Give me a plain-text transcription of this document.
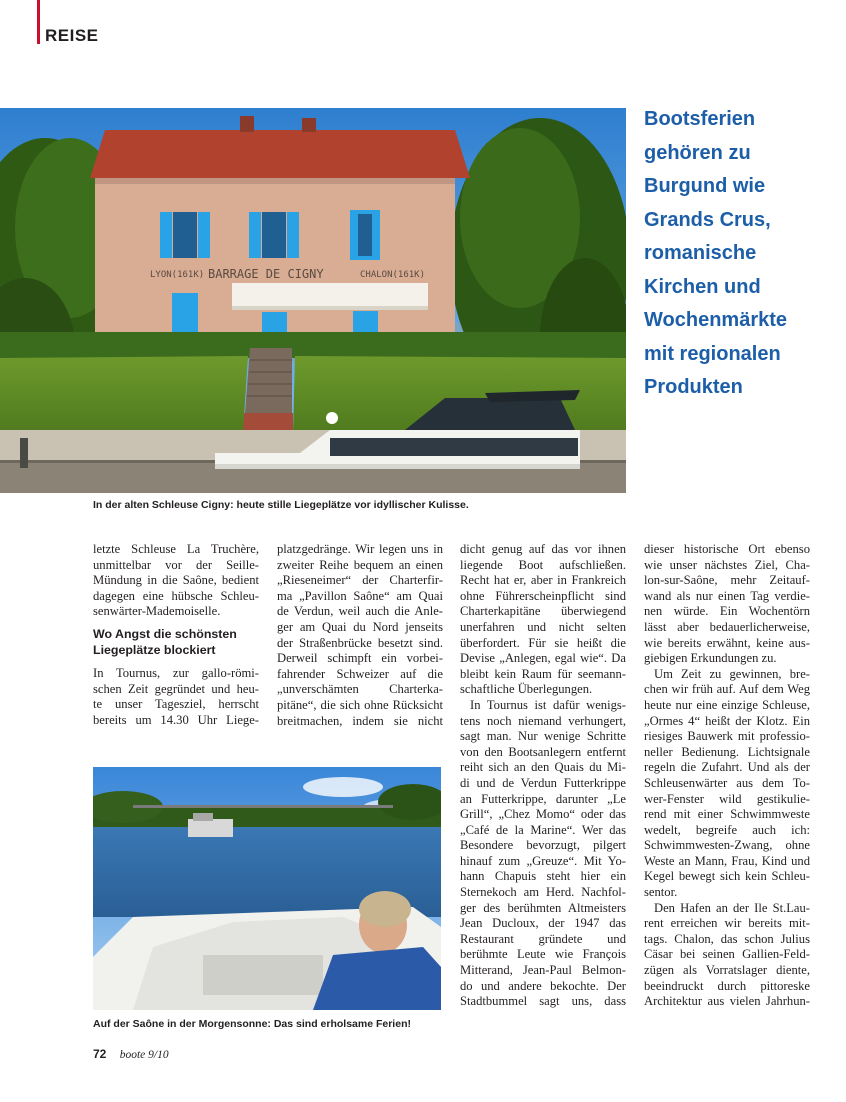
REISE
LYON(161K) BARRAGE DE CIGNY	CHALON(161K)
Bootsferien
gehören zu
Burgund wie
Grands Crus,
romanische
Kirchen und
Wochenmärkte
mit regionalen
Produkten
In der alten Schleuse Cigny: heute stille Liegeplätze vor idyllischer Kulisse.
letzte Schleuse La Truchère,
unmittelbar vor der Seille-
Mündung in die Saône, bedient
dagegen eine hübsche Schleu-
senwärter-Mademoiselle.
Wo Angst die schönsten
Liegeplätze blockiert
In Tournus, zur gallo-römi-
schen Zeit gegründet und heu-
te unser Tagesziel, herrscht
bereits um 14.30 Uhr Liege-
platzgedränge. Wir legen uns in
zweiter Reihe bequem an einen
„Rieseneimer“ der Charterfir-
ma „Pavillon Saône“ am Quai
de Verdun, weil auch die Anle-
ger am Quai du Nord jenseits
der Straßenbrücke besetzt sind.
Derweil schimpft ein vorbei-
fahrender Schweizer auf die
„unverschämten Charterka-
pitäne“, die sich ohne Rücksicht
breitmachen, indem sie nicht
Auf der Saône in der Morgensonne: Das sind erholsame Ferien!
dicht genug auf das vor ihnen
liegende Boot aufschließen.
Recht hat er, aber in Frankreich
ohne Führerscheinpflicht sind
Charterkapitäne überwiegend
unerfahren und nicht selten
überfordert. Für sie heißt die
Devise „Anlegen, egal wie“. Da
bleibt kein Raum für seemann-
schaftliche Überlegungen.
In Tournus ist dafür wenigs-
tens noch niemand verhungert,
sagt man. Nur wenige Schritte
von den Bootsanlegern entfernt
reiht sich an den Quais du Mi-
di und de Verdun Futterkrippe
an Futterkrippe, darunter „Le
Grill“, „Chez Momo“ oder das
„Café de la Marine“. Wer das
Besondere bevorzugt, pilgert
hinauf zum „Greuze“. Mit Yo-
hann Chapuis steht hier ein
Sternekoch am Herd. Nachfol-
ger des berühmten Altmeisters
Jean Ducloux, der 1947 das
Restaurant gründete und
berühmte Leute wie François
Mitterand, Jean-Paul Belmon-
do und andere bekochte. Der
Stadtbummel sagt uns, dass
dieser historische Ort ebenso
wie unser nächstes Ziel, Cha-
lon-sur-Saône, mehr Zeitauf-
wand als nur einen Tag verdie-
nen würde. Ein Wochentörn
lässt aber bedauerlicherweise,
wie bereits erwähnt, keine aus-
giebigen Erkundungen zu.
Um Zeit zu gewinnen, bre-
chen wir früh auf. Auf dem Weg
heute nur eine einzige Schleuse,
„Ormes 4“ heißt der Klotz. Ein
riesiges Bauwerk mit professio-
neller Bedienung. Lichtsignale
regeln die Zufahrt. Und als der
Schleusenwärter aus dem To-
wer-Fenster wild gestikulie-
rend mit einer Schwimmweste
wedelt, begreife auch ich:
Schwimmwesten-Zwang, ohne
Weste an Mann, Frau, Kind und
Kegel bewegt sich kein Schleu-
sentor.
Den Hafen an der Ile St.Lau-
rent erreichen wir bereits mit-
tags. Chalon, das schon Julius
Cäsar bei seinen Gallien-Feld-
zügen als Vorratslager diente,
beeindruckt durch pittoreske
Architektur aus vielen Jahrhun-
72 boote 9/10
